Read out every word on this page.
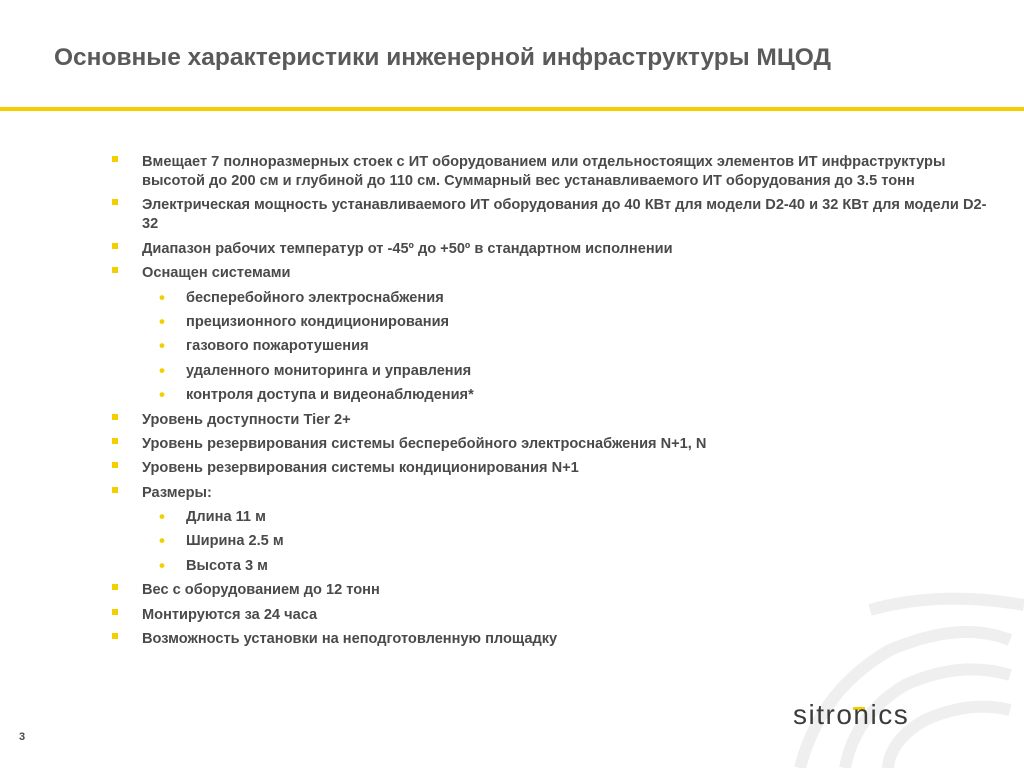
Основные характеристики инженерной инфраструктуры МЦОД
Вмещает 7 полноразмерных стоек с ИТ оборудованием или отдельностоящих элементов ИТ инфраструктуры высотой до 200 см и глубиной до 110 см. Суммарный вес устанавливаемого ИТ оборудования до 3.5 тонн
Электрическая мощность устанавливаемого ИТ оборудования до 40 КВт для модели D2-40 и 32 КВт для модели D2-32
Диапазон рабочих температур от -45º до +50º в стандартном исполнении
Оснащен системами
• бесперебойного электроснабжения
• прецизионного кондиционирования
• газового пожаротушения
• удаленного мониторинга и управления
• контроля доступа и видеонаблюдения*
Уровень доступности Tier 2+
Уровень резервирования системы бесперебойного электроснабжения N+1, N
Уровень резервирования системы кондиционирования N+1
Размеры:
• Длина 11 м
• Ширина 2.5 м
• Высота 3 м
Вес с оборудованием до 12 тонн
Монтируются за 24 часа
Возможность установки на неподготовленную площадку
sitronics
3
